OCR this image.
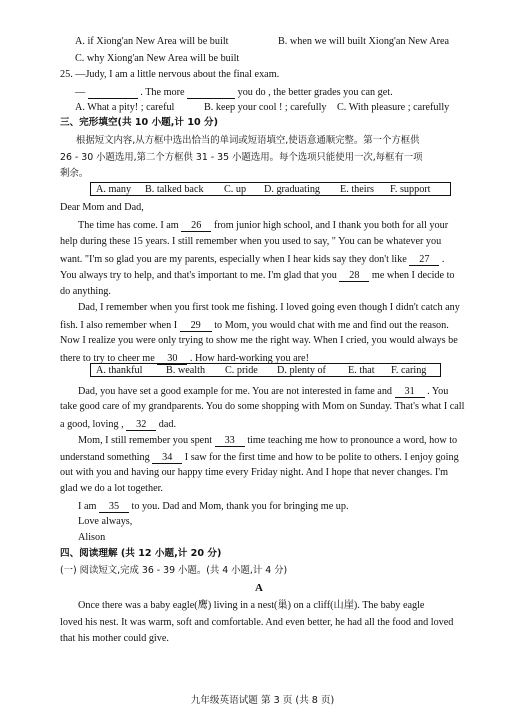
A. if Xiong'an New Area will be built	B. when we will built Xiong'an New Area
C. why Xiong'an New Area will be built
25. —Judy, I am a little nervous about the final exam.
—	. The more	you do , the better grades you can get.
A. What a pity! ; careful	B. keep your cool ! ; carefully C. With pleasure ; carefully
三、完形填空(共 10 小题,计 10 分)
根据短文内容,从方框中选出恰当的单词或短语填空,使语意通顺完整。第一个方框供
26 - 30 小题选用,第二个方框供 31 - 35 小题选用。每个选项只能使用一次,每框有一项
剩余。
A. many B. talked back C. up D. graduating E. theirs F. support
Dear Mom and Dad,
The time has come. I am 26 from junior high school, and I thank you both for all your
help during these 15 years. I still remember when you used to say, " You can be whatever you
want. "I'm so glad you are my parents, especially when I hear kids say they don't like 27 .
You always try to help, and that's important to me. I'm glad that you 28 me when I decide to
do anything.
Dad, I remember when you first took me fishing. I loved going even though I didn't catch any
fish. I also remember when I 29 to Mom, you would chat with me and find out the reason.
Now I realize you were only trying to show me the right way. When I cried, you would always be
there to try to cheer me 30 . How hard-working you are!
A. thankful B. wealth C. pride D. plenty of E. that F. caring
Dad, you have set a good example for me. You are not interested in fame and 31 . You
take good care of my grandparents. You do some shopping with Mom on Sunday. That's what I call
a good, loving , 32 dad.
Mom, I still remember you spent 33 time teaching me how to pronounce a word, how to
understand something 34 I saw for the first time and how to be polite to others. I enjoy going
out with you and having our happy time every Friday night. And I hope that never changes. I'm
glad we do a lot together.
I am 35 to you. Dad and Mom, thank you for bringing me up.
Love always,
Alison
四、阅读理解 (共 12 小题,计 20 分)
(一) 阅读短文,完成 36 - 39 小题。(共 4 小题,计 4 分)
A
Once there was a baby eagle(鹰) living in a nest(巢) on a cliff(山崖). The baby eagle
loved his nest. It was warm, soft and comfortable. And even better, he had all the food and loved
that his mother could give.
九年级英语试题 第 3 页 (共 8 页)
